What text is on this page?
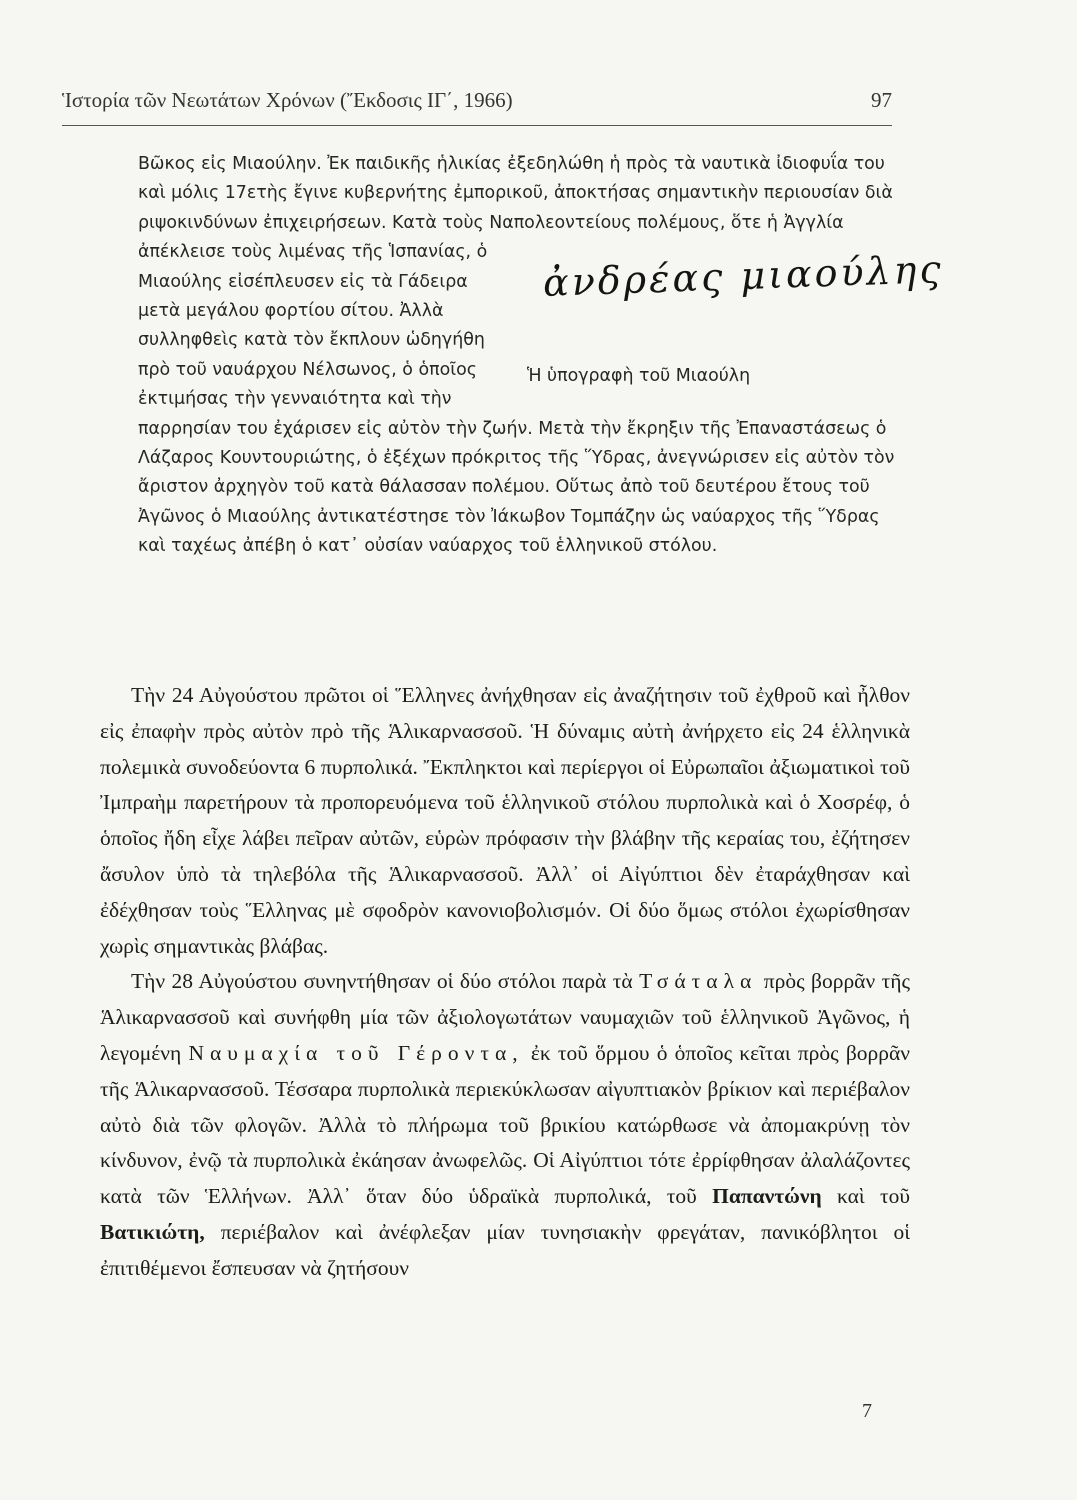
Ἱστορία τῶν Νεωτάτων Χρόνων (Ἔκδοσις ΙΓ΄, 1966)	97

Βῶκος εἰς Μιαούλην. Ἐκ παιδικῆς ἡλικίας ἐξεδηλώθη ἡ πρὸς τὰ ναυτικὰ ἰδιοφυΐα του καὶ μόλις 17ετὴς ἔγινε κυβερνήτης ἐμπορικοῦ, ἀποκτήσας σημαντικὴν περιουσίαν διὰ ριψοκινδύνων ἐπιχειρήσεων. Κατὰ τοὺς Ναπολεοντείους πολέμους, ὅτε ἡ Ἀγγλία
ἀνδρέας μιαούλης
Ἡ ὑπογραφὴ τοῦ Μιαούλη
ἀπέκλεισε τοὺς λιμένας τῆς Ἱσπανίας, ὁ Μιαούλης εἰσέπλευσεν εἰς τὰ Γάδειρα μετὰ μεγάλου φορτίου σίτου. Ἀλλὰ συλληφθεὶς κατὰ τὸν ἔκπλουν ὡδηγήθη πρὸ τοῦ ναυάρχου Νέλσωνος, ὁ ὁποῖος ἐκτιμήσας τὴν γενναιότητα καὶ τὴν παρρησίαν του ἐχάρισεν εἰς αὐτὸν τὴν ζωήν. Μετὰ τὴν ἔκρηξιν τῆς Ἐπαναστάσεως ὁ Λάζαρος Κουντουριώτης, ὁ ἐξέχων πρόκριτος τῆς Ὕδρας, ἀνεγνώρισεν εἰς αὐτὸν τὸν ἄριστον ἀρχηγὸν τοῦ κατὰ θάλασσαν πολέμου. Οὕτως ἀπὸ τοῦ δευτέρου ἔτους τοῦ Ἀγῶνος ὁ Μιαούλης ἀντικατέστησε τὸν Ἰάκωβον Τομπάζην ὡς ναύαρχος τῆς Ὕδρας καὶ ταχέως ἀπέβη ὁ κατ᾽ οὐσίαν ναύαρχος τοῦ ἑλληνικοῦ στόλου.

Τὴν 24 Αὐγούστου πρῶτοι οἱ Ἕλληνες ἀνήχθησαν εἰς ἀναζήτησιν τοῦ ἐχθροῦ καὶ ἦλθον εἰς ἐπαφὴν πρὸς αὐτὸν πρὸ τῆς Ἁλικαρνασσοῦ. Ἡ δύναμις αὐτὴ ἀνήρχετο εἰς 24 ἑλληνικὰ πολεμικὰ συνοδεύοντα 6 πυρπολικά. Ἔκπληκτοι καὶ περίεργοι οἱ Εὐρωπαῖοι ἀξιωματικοὶ τοῦ Ἰμπραὴμ παρετήρουν τὰ προπορευόμενα τοῦ ἑλληνικοῦ στόλου πυρπολικὰ καὶ ὁ Χοσρέφ, ὁ ὁποῖος ἤδη εἶχε λάβει πεῖραν αὐτῶν, εὑρὼν πρόφασιν τὴν βλάβην τῆς κεραίας του, ἐζήτησεν ἄσυλον ὑπὸ τὰ τηλεβόλα τῆς Ἁλικαρνασσοῦ. Ἀλλ᾽ οἱ Αἰγύπτιοι δὲν ἐταράχθησαν καὶ ἐδέχθησαν τοὺς Ἕλληνας μὲ σφοδρὸν κανονιοβολισμόν. Οἱ δύο ὅμως στόλοι ἐχωρίσθησαν χωρὶς σημαντικὰς βλάβας.

Τὴν 28 Αὐγούστου συνηντήθησαν οἱ δύο στόλοι παρὰ τὰ Τσάταλα πρὸς βορρᾶν τῆς Ἁλικαρνασσοῦ καὶ συνήφθη μία τῶν ἀξιολογωτάτων ναυμαχιῶν τοῦ ἑλληνικοῦ Ἀγῶνος, ἡ λεγομένη Ναυμαχία τοῦ Γέροντα, ἐκ τοῦ ὅρμου ὁ ὁποῖος κεῖται πρὸς βορρᾶν τῆς Ἁλικαρνασσοῦ. Τέσσαρα πυρπολικὰ περιεκύκλωσαν αἰγυπτιακὸν βρίκιον καὶ περιέβαλον αὐτὸ διὰ τῶν φλογῶν. Ἀλλὰ τὸ πλήρωμα τοῦ βρικίου κατώρθωσε νὰ ἀπομακρύνῃ τὸν κίνδυνον, ἐνῷ τὰ πυρπολικὰ ἐκάησαν ἀνωφελῶς. Οἱ Αἰγύπτιοι τότε ἐρρίφθησαν ἀλαλάζοντες κατὰ τῶν Ἑλλήνων. Ἀλλ᾽ ὅταν δύο ὑδραϊκὰ πυρπολικά, τοῦ Παπαντώνη καὶ τοῦ Βατικιώτη, περιέβαλον καὶ ἀνέφλεξαν μίαν τυνησιακὴν φρεγάταν, πανικόβλητοι οἱ ἐπιτιθέμενοι ἔσπευσαν νὰ ζητήσουν

7
